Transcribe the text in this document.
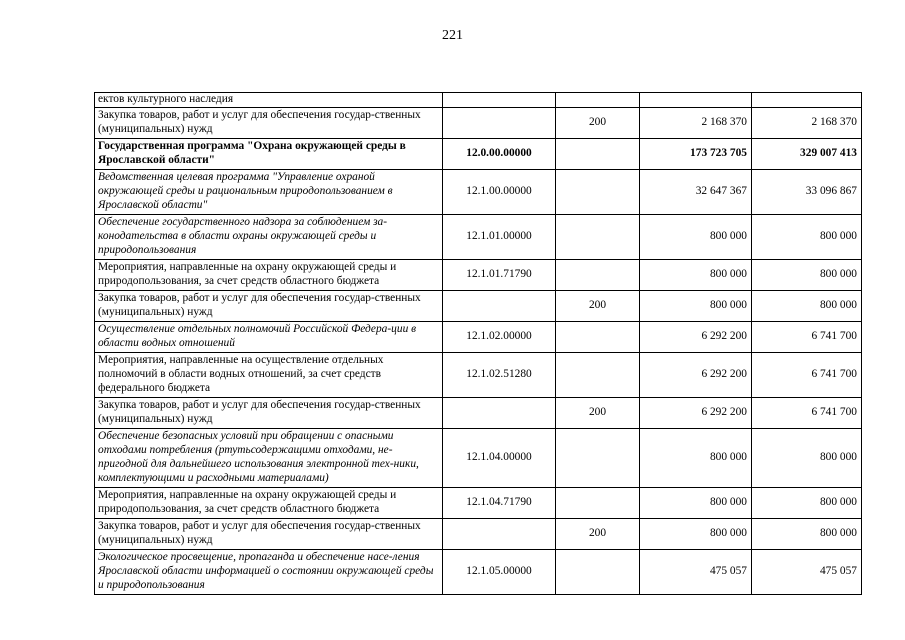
221
ектов культурного наследия				
Закупка товаров, работ и услуг для обеспечения государ-ственных (муниципальных) нужд		200	2 168 370	2 168 370
Государственная программа "Охрана окружающей среды в Ярославской области"	12.0.00.00000		173 723 705	329 007 413
Ведомственная целевая программа "Управление охраной окружающей среды и рациональным природопользованием в Ярославской области"	12.1.00.00000		32 647 367	33 096 867
Обеспечение государственного надзора за соблюдением за-конодательства в области охраны окружающей среды и природопользования	12.1.01.00000		800 000	800 000
Мероприятия, направленные на охрану окружающей среды и природопользования, за счет средств областного бюджета	12.1.01.71790		800 000	800 000
Закупка товаров, работ и услуг для обеспечения государ-ственных (муниципальных) нужд		200	800 000	800 000
Осуществление отдельных полномочий Российской Федера-ции в области водных отношений	12.1.02.00000		6 292 200	6 741 700
Мероприятия, направленные на осуществление отдельных полномочий в области водных отношений, за счет средств федерального бюджета	12.1.02.51280		6 292 200	6 741 700
Закупка товаров, работ и услуг для обеспечения государ-ственных (муниципальных) нужд		200	6 292 200	6 741 700
Обеспечение безопасных условий при обращении с опасными отходами потребления (ртутьсодержащими отходами, не-пригодной для дальнейшего использования электронной тех-ники, комплектующими и расходными материалами)	12.1.04.00000		800 000	800 000
Мероприятия, направленные на охрану окружающей среды и природопользования, за счет средств областного бюджета	12.1.04.71790		800 000	800 000
Закупка товаров, работ и услуг для обеспечения государ-ственных (муниципальных) нужд		200	800 000	800 000
Экологическое просвещение, пропаганда и обеспечение насе-ления Ярославской области информацией о состоянии окружающей среды и природопользования	12.1.05.00000		475 057	475 057
